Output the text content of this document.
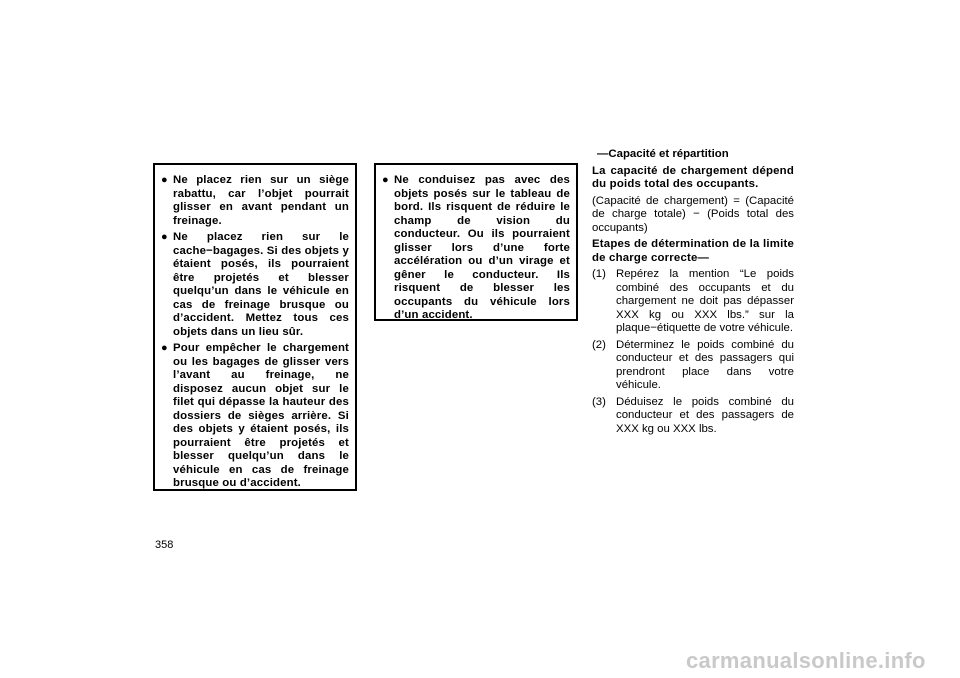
● Ne placez rien sur un siège rabattu, car l’objet pourrait glisser en avant pendant un freinage.
● Ne placez rien sur le cache−bagages. Si des objets y étaient posés, ils pourraient être projetés et blesser quelqu’un dans le véhicule en cas de freinage brusque ou d’accident. Mettez tous ces objets dans un lieu sûr.
● Pour empêcher le chargement ou les bagages de glisser vers l’avant au freinage, ne disposez aucun objet sur le filet qui dépasse la hauteur des dossiers de sièges arrière. Si des objets y étaient posés, ils pourraient être projetés et blesser quelqu’un dans le véhicule en cas de freinage brusque ou d’accident.
● Ne conduisez pas avec des objets posés sur le tableau de bord. Ils risquent de réduire le champ de vision du conducteur. Ou ils pourraient glisser lors d’une forte accélération ou d’un virage et gêner le conducteur. Ils risquent de blesser les occupants du véhicule lors d’un accident.
—Capacité et répartition
La capacité de chargement dépend du poids total des occupants.
(Capacité de chargement) = (Capacité de charge totale) − (Poids total des occupants)
Etapes de détermination de la limite de charge correcte—
(1) Repérez la mention “Le poids combiné des occupants et du chargement ne doit pas dépasser XXX kg ou XXX lbs.” sur la plaque−étiquette de votre véhicule.
(2) Déterminez le poids combiné du conducteur et des passagers qui prendront place dans votre véhicule.
(3) Déduisez le poids combiné du conducteur et des passagers de XXX kg ou XXX lbs.
358
carmanualsonline.info
